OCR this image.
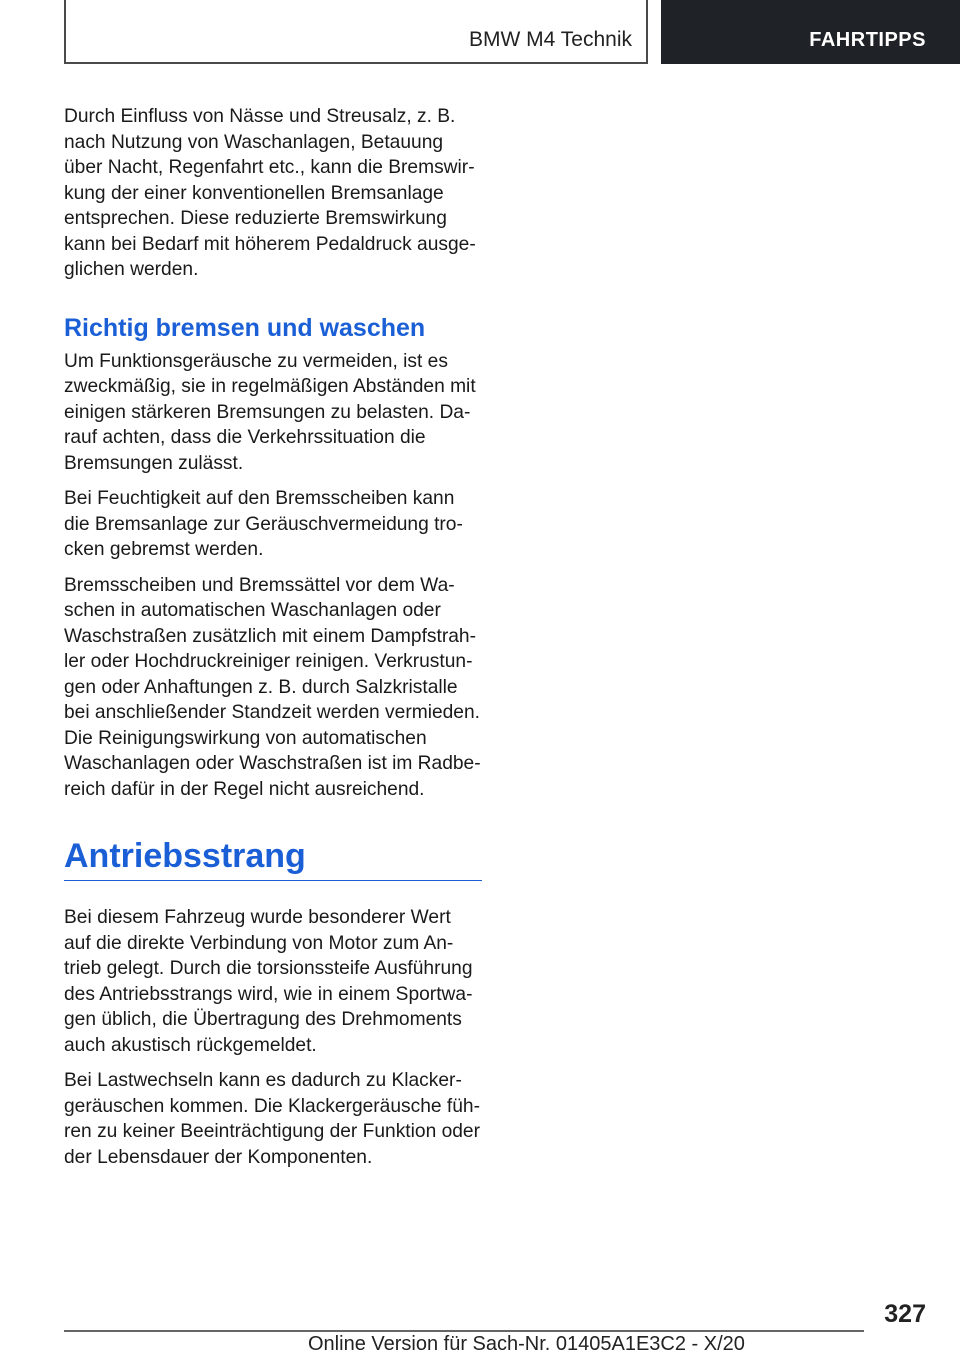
BMW M4 Technik	FAHRTIPPS

Durch Einfluss von Nässe und Streusalz, z. B. nach Nutzung von Waschanlagen, Betauung über Nacht, Regenfahrt etc., kann die Bremswirkung der einer konventionellen Bremsanlage entsprechen. Diese reduzierte Bremswirkung kann bei Bedarf mit höherem Pedaldruck ausgeglichen werden.

Richtig bremsen und waschen

Um Funktionsgeräusche zu vermeiden, ist es zweckmäßig, sie in regelmäßigen Abständen mit einigen stärkeren Bremsungen zu belasten. Darauf achten, dass die Verkehrssituation die Bremsungen zulässt.

Bei Feuchtigkeit auf den Bremsscheiben kann die Bremsanlage zur Geräuschvermeidung trocken gebremst werden.

Bremsscheiben und Bremssättel vor dem Waschen in automatischen Waschanlagen oder Waschstraßen zusätzlich mit einem Dampfstrahler oder Hochdruckreiniger reinigen. Verkrustungen oder Anhaftungen z. B. durch Salzkristalle bei anschließender Standzeit werden vermieden. Die Reinigungswirkung von automatischen Waschanlagen oder Waschstraßen ist im Radbereich dafür in der Regel nicht ausreichend.

Antriebsstrang

Bei diesem Fahrzeug wurde besonderer Wert auf die direkte Verbindung von Motor zum Antrieb gelegt. Durch die torsionssteife Ausführung des Antriebsstrangs wird, wie in einem Sportwagen üblich, die Übertragung des Drehmoments auch akustisch rückgemeldet.

Bei Lastwechseln kann es dadurch zu Klackergeräuschen kommen. Die Klackergeräusche führen zu keiner Beeinträchtigung der Funktion oder der Lebensdauer der Komponenten.

327
Online Version für Sach-Nr. 01405A1E3C2 - X/20
